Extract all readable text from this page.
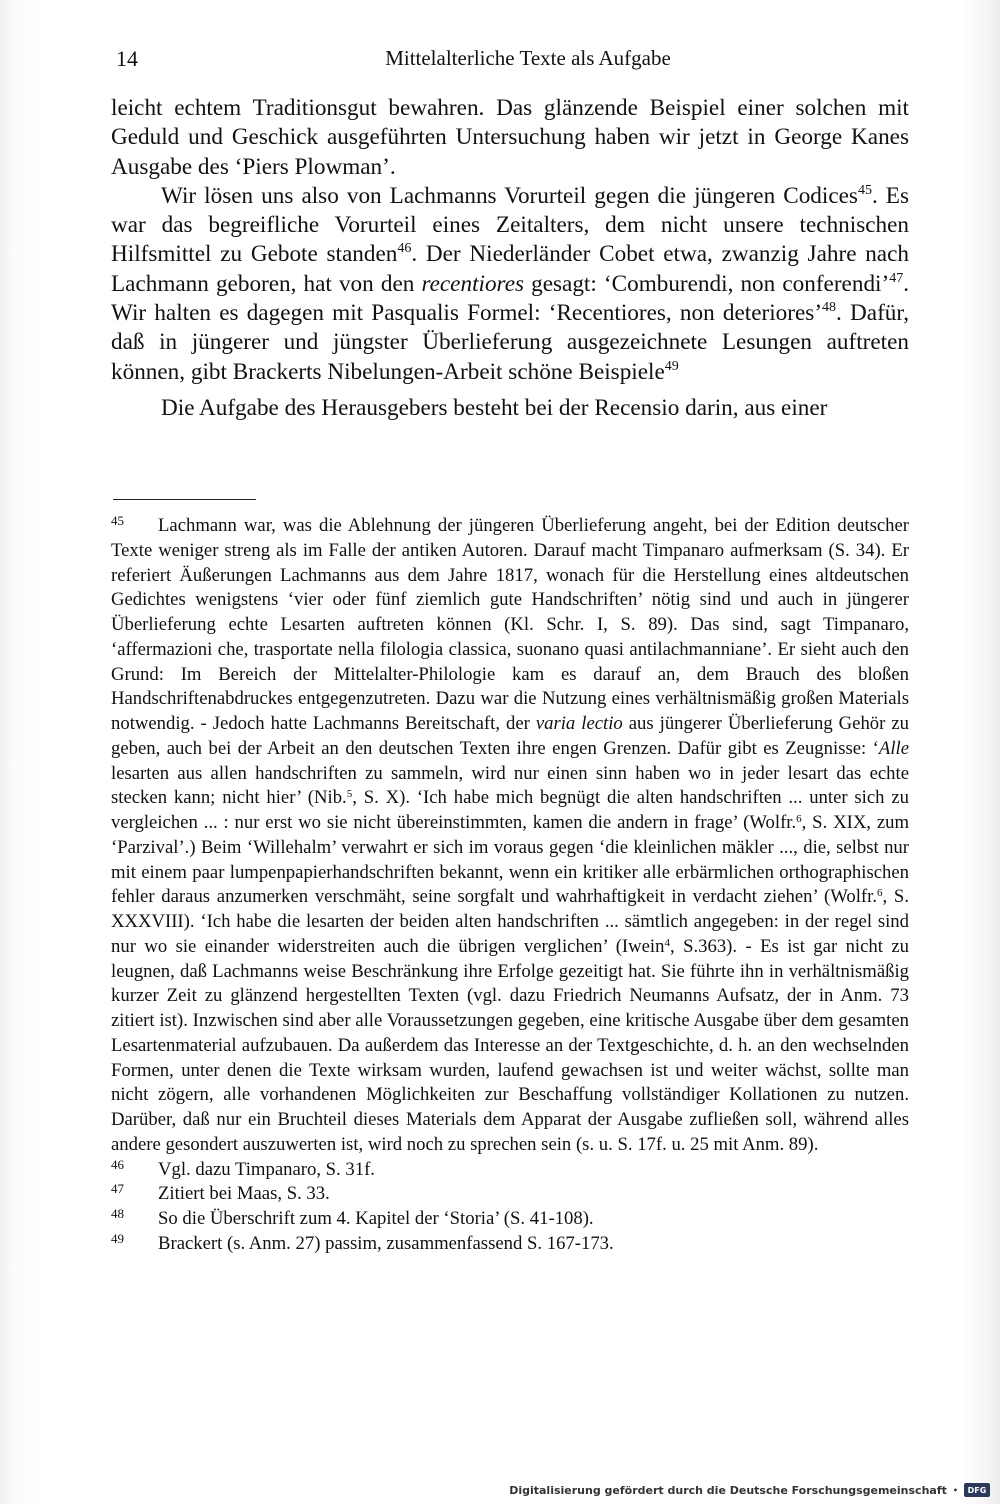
14	Mittelalterliche Texte als Aufgabe

leicht echtem Traditionsgut bewahren. Das glänzende Beispiel einer solchen mit Geduld und Geschick ausgeführten Untersuchung haben wir jetzt in George Kanes Ausgabe des ‘Piers Plowman’.

Wir lösen uns also von Lachmanns Vorurteil gegen die jüngeren Codices$^{45}$. Es war das begreifliche Vorurteil eines Zeitalters, dem nicht unsere technischen Hilfsmittel zu Gebote standen$^{46}$. Der Niederländer Cobet etwa, zwanzig Jahre nach Lachmann geboren, hat von den recentiores gesagt: ‘Comburendi, non conferendi’$^{47}$. Wir halten es dagegen mit Pasqualis Formel: ‘Recentiores, non deteriores’$^{48}$. Dafür, daß in jüngerer und jüngster Überlieferung ausgezeichnete Lesungen auftreten können, gibt Brackerts Nibelungen-Arbeit schöne Beispiele$^{49}$

Die Aufgabe des Herausgebers besteht bei der Recensio darin, aus einer

45 Lachmann war, was die Ablehnung der jüngeren Überlieferung angeht, bei der Edition deutscher Texte weniger streng als im Falle der antiken Autoren. Darauf macht Timpanaro aufmerksam (S. 34). Er referiert Äußerungen Lachmanns aus dem Jahre 1817, wonach für die Herstellung eines altdeutschen Gedichtes wenigstens ‘vier oder fünf ziemlich gute Handschriften’ nötig sind und auch in jüngerer Überlieferung echte Lesarten auftreten können (Kl. Schr. I, S. 89). Das sind, sagt Timpanaro, ‘affermazioni che, trasportate nella filologia classica, suonano quasi antilachmanniane’. Er sieht auch den Grund: Im Bereich der Mittelalter-Philologie kam es darauf an, dem Brauch des bloßen Handschriftenabdruckes entgegenzutreten. Dazu war die Nutzung eines verhältnismäßig großen Materials notwendig. - Jedoch hatte Lachmanns Bereitschaft, der varia lectio aus jüngerer Überlieferung Gehör zu geben, auch bei der Arbeit an den deutschen Texten ihre engen Grenzen. Dafür gibt es Zeugnisse: ‘Alle lesarten aus allen handschriften zu sammeln, wird nur einen sinn haben wo in jeder lesart das echte stecken kann; nicht hier’ (Nib.$^5$, S. X). ‘Ich habe mich begnügt die alten handschriften ... unter sich zu vergleichen ... : nur erst wo sie nicht übereinstimmten, kamen die andern in frage’ (Wolfr.$^6$, S. XIX, zum ‘Parzival’.) Beim ‘Willehalm’ verwahrt er sich im voraus gegen ‘die kleinlichen mäkler ..., die, selbst nur mit einem paar lumpenpapierhandschriften bekannt, wenn ein kritiker alle erbärmlichen orthographischen fehler daraus anzumerken verschmäht, seine sorgfalt und wahrhaftigkeit in verdacht ziehen’ (Wolfr.$^6$, S. XXXVIII). ‘Ich habe die lesarten der beiden alten handschriften ... sämtlich angegeben: in der regel sind nur wo sie einander widerstreiten auch die übrigen verglichen’ (Iwein$^4$, S.363). - Es ist gar nicht zu leugnen, daß Lachmanns weise Beschränkung ihre Erfolge gezeitigt hat. Sie führte ihn in verhältnismäßig kurzer Zeit zu glänzend hergestellten Texten (vgl. dazu Friedrich Neumanns Aufsatz, der in Anm. 73 zitiert ist). Inzwischen sind aber alle Voraussetzungen gegeben, eine kritische Ausgabe über dem gesamten Lesartenmaterial aufzubauen. Da außerdem das Interesse an der Textgeschichte, d. h. an den wechselnden Formen, unter denen die Texte wirksam wurden, laufend gewachsen ist und weiter wächst, sollte man nicht zögern, alle vorhandenen Möglichkeiten zur Beschaffung vollständiger Kollationen zu nutzen. Darüber, daß nur ein Bruchteil dieses Materials dem Apparat der Ausgabe zufließen soll, während alles andere gesondert auszuwerten ist, wird noch zu sprechen sein (s. u. S. 17f. u. 25 mit Anm. 89).

46 Vgl. dazu Timpanaro, S. 31f.

47 Zitiert bei Maas, S. 33.

48 So die Überschrift zum 4. Kapitel der ‘Storia’ (S. 41-108).

49 Brackert (s. Anm. 27) passim, zusammenfassend S. 167-173.

Digitalisierung gefördert durch die Deutsche Forschungsgemeinschaft •	DFG
